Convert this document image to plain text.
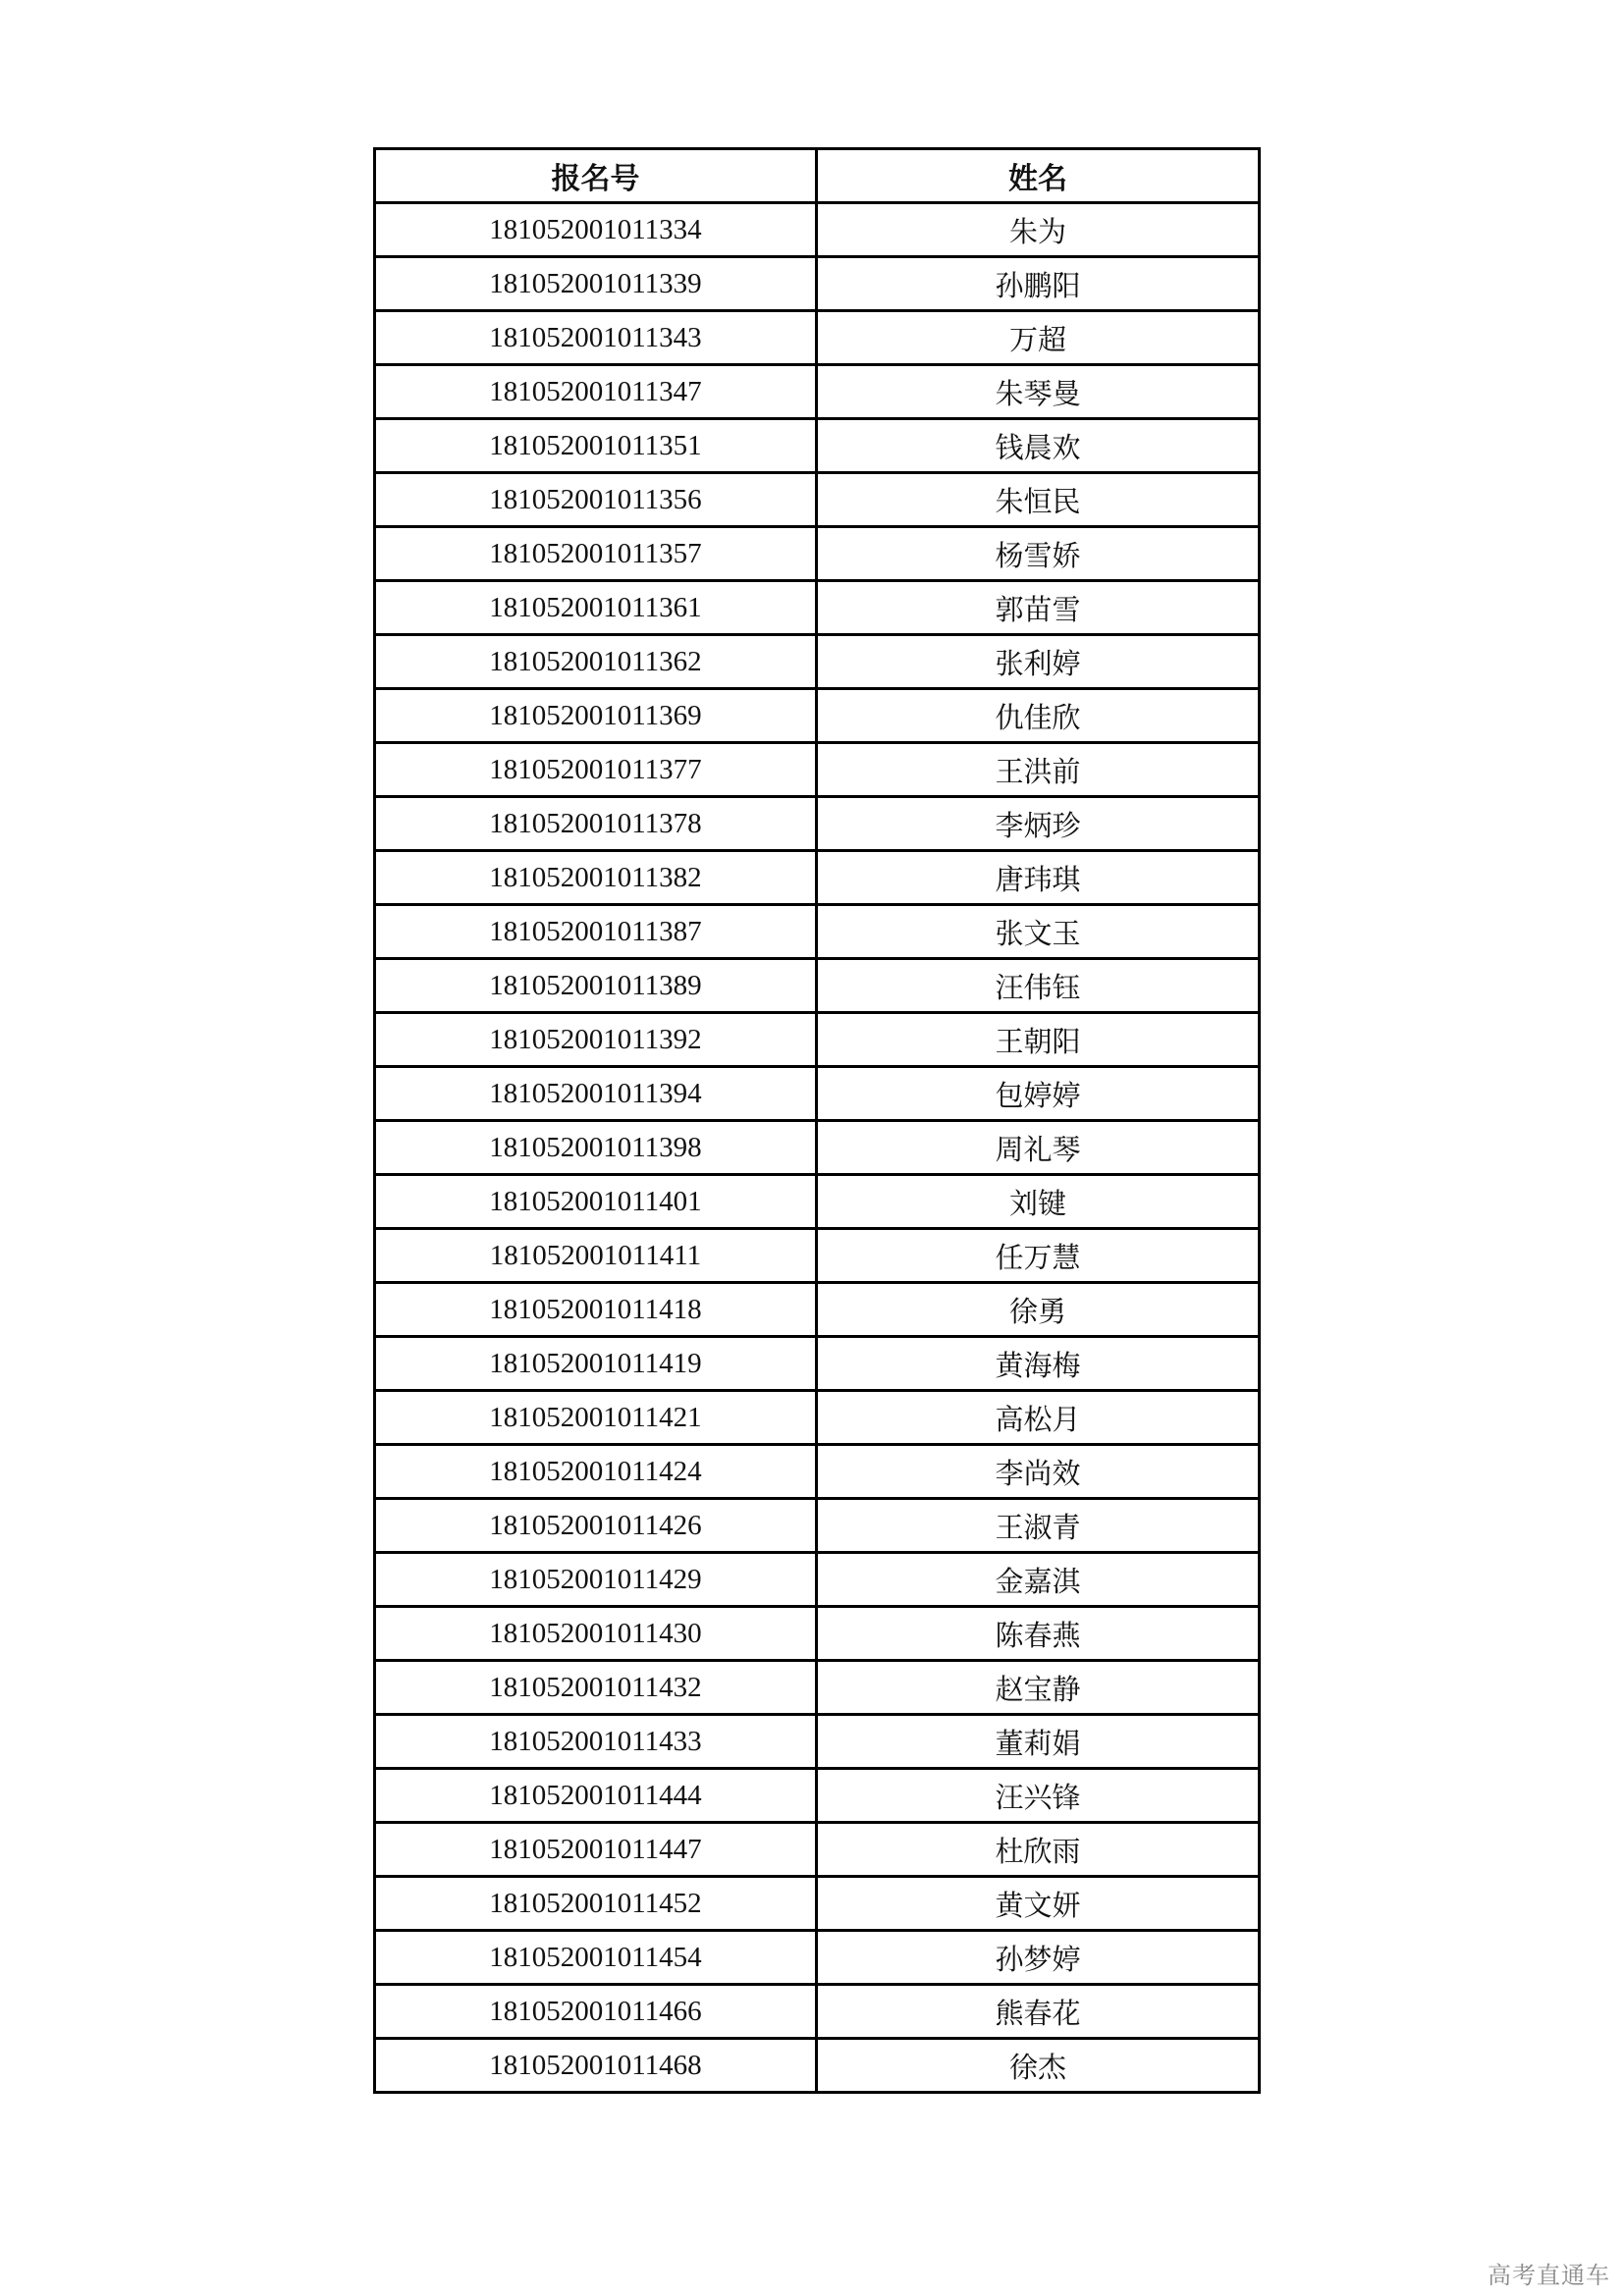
报名号	姓名
181052001011334	朱为
181052001011339	孙鹏阳
181052001011343	万超
181052001011347	朱琴曼
181052001011351	钱晨欢
181052001011356	朱恒民
181052001011357	杨雪娇
181052001011361	郭苗雪
181052001011362	张利婷
181052001011369	仇佳欣
181052001011377	王洪前
181052001011378	李炳珍
181052001011382	唐玮琪
181052001011387	张文玉
181052001011389	汪伟钰
181052001011392	王朝阳
181052001011394	包婷婷
181052001011398	周礼琴
181052001011401	刘键
181052001011411	任万慧
181052001011418	徐勇
181052001011419	黄海梅
181052001011421	高松月
181052001011424	李尚效
181052001011426	王淑青
181052001011429	金嘉淇
181052001011430	陈春燕
181052001011432	赵宝静
181052001011433	董莉娟
181052001011444	汪兴锋
181052001011447	杜欣雨
181052001011452	黄文妍
181052001011454	孙梦婷
181052001011466	熊春花
181052001011468	徐杰
高考直通车
